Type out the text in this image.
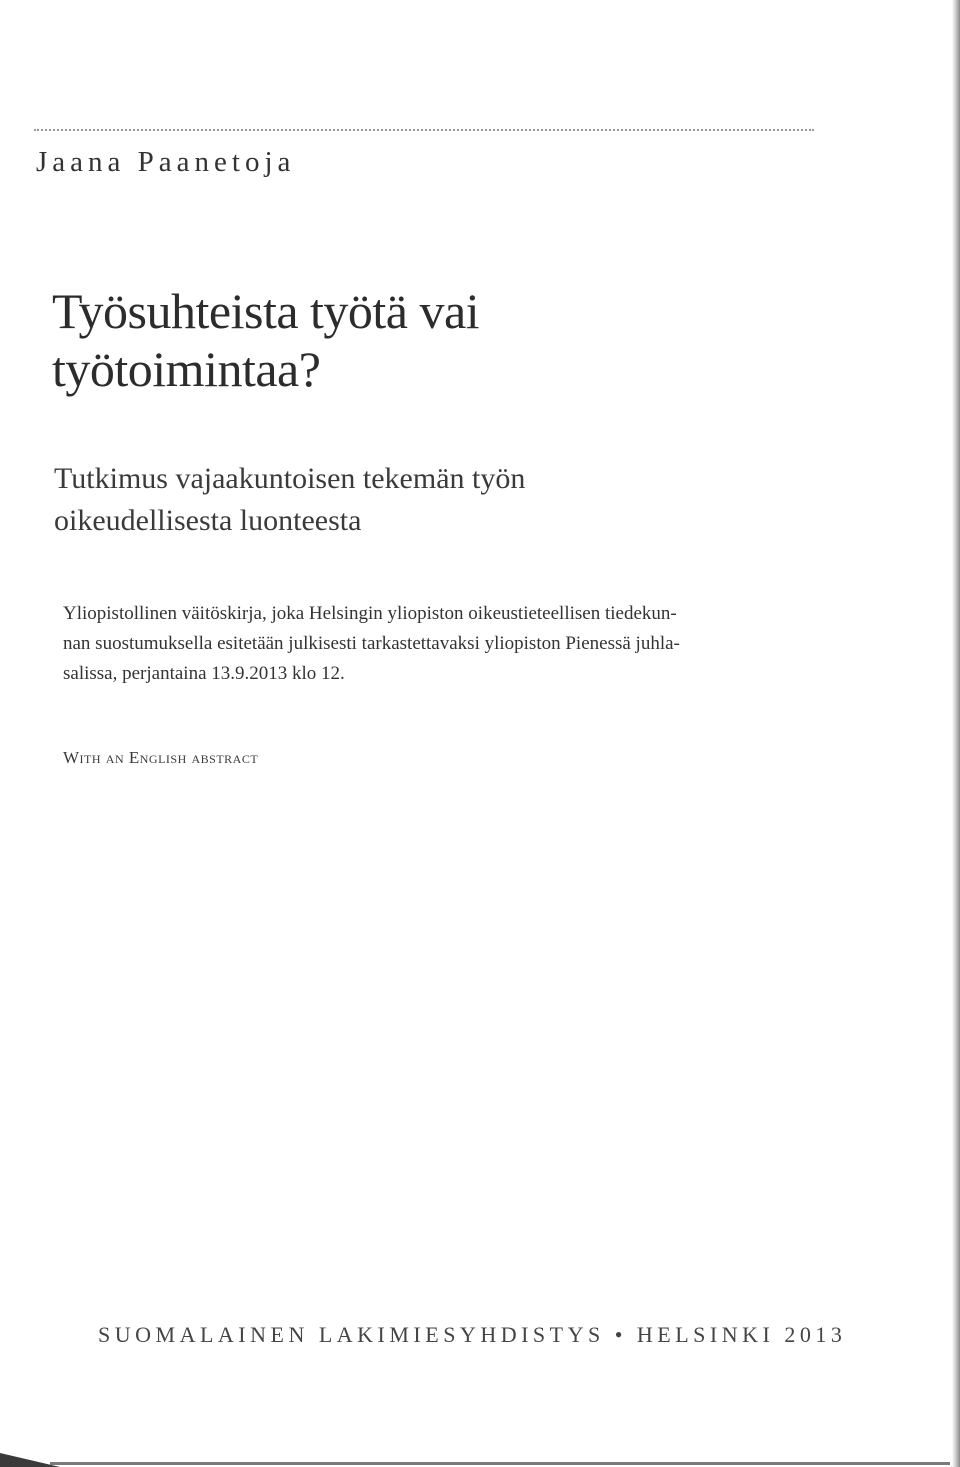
Jaana Paanetoja
Työsuhteista työtä vai
työtoimintaa?
Tutkimus vajaakuntoisen tekemän työn
oikeudellisesta luonteesta
Yliopistollinen väitöskirja, joka Helsingin yliopiston oikeustieteellisen tiedekun-
nan suostumuksella esitetään julkisesti tarkastettavaksi yliopiston Pienessä juhla-
salissa, perjantaina 13.9.2013 klo 12.
With an English abstract
SUOMALAINEN LAKIMIESYHDISTYS • HELSINKI 2013
